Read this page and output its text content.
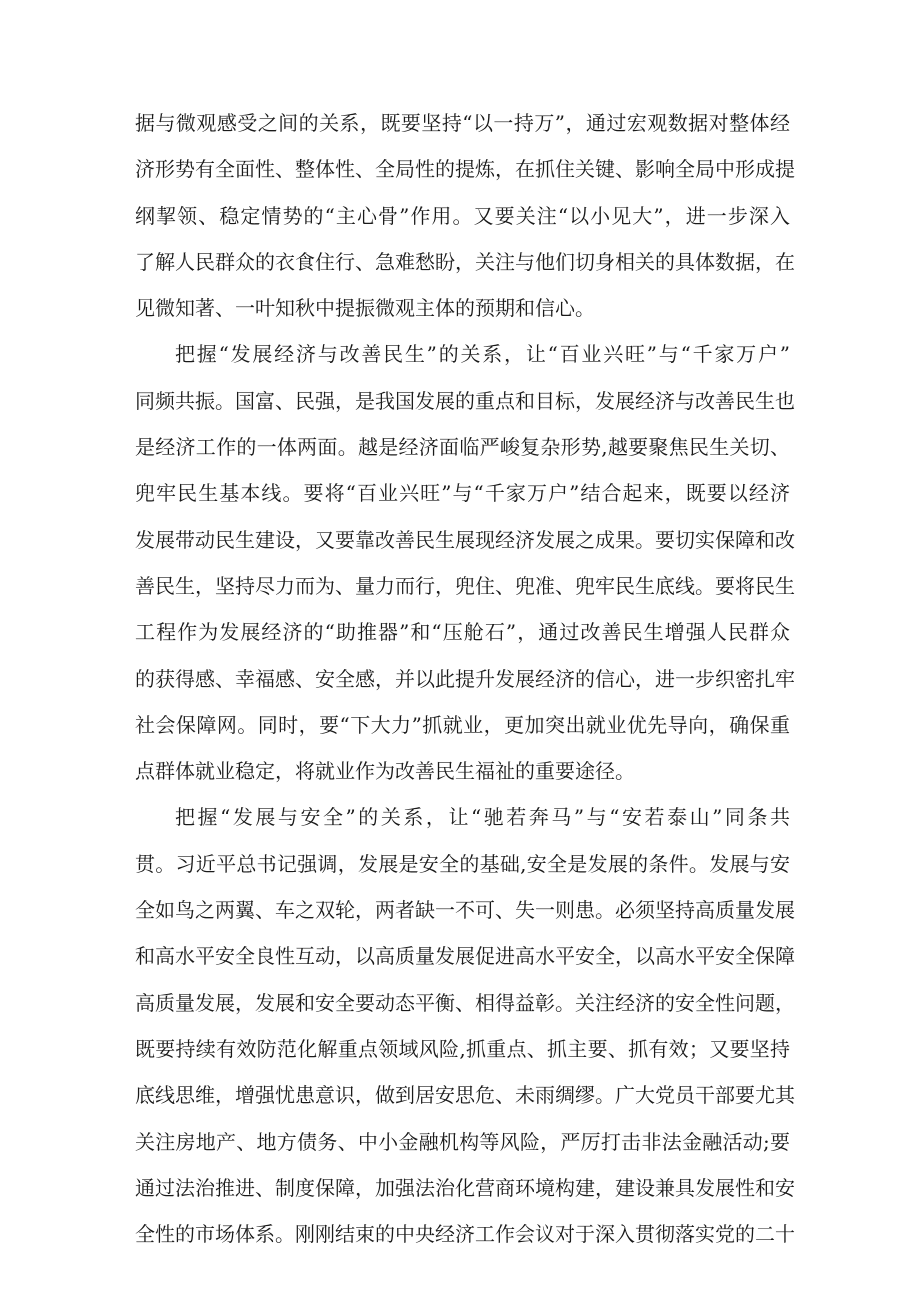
据与微观感受之间的关系，既要坚持“以一持万”，通过宏观数据对整体经
济形势有全面性、整体性、全局性的提炼，在抓住关键、影响全局中形成提
纲挈领、稳定情势的“主心骨”作用。又要关注“以小见大”，进一步深入
了解人民群众的衣食住行、急难愁盼，关注与他们切身相关的具体数据，在
见微知著、一叶知秋中提振微观主体的预期和信心。
把握“发展经济与改善民生”的关系，让“百业兴旺”与“千家万户”
同频共振。国富、民强，是我国发展的重点和目标，发展经济与改善民生也
是经济工作的一体两面。越是经济面临严峻复杂形势,越要聚焦民生关切、
兜牢民生基本线。要将“百业兴旺”与“千家万户”结合起来，既要以经济
发展带动民生建设，又要靠改善民生展现经济发展之成果。要切实保障和改
善民生，坚持尽力而为、量力而行，兜住、兜准、兜牢民生底线。要将民生
工程作为发展经济的“助推器”和“压舱石”，通过改善民生增强人民群众
的获得感、幸福感、安全感，并以此提升发展经济的信心，进一步织密扎牢
社会保障网。同时，要“下大力”抓就业，更加突出就业优先导向，确保重
点群体就业稳定，将就业作为改善民生福祉的重要途径。
把握“发展与安全”的关系，让“驰若奔马”与“安若泰山”同条共
贯。习近平总书记强调，发展是安全的基础,安全是发展的条件。发展与安
全如鸟之两翼、车之双轮，两者缺一不可、失一则患。必须坚持高质量发展
和高水平安全良性互动，以高质量发展促进高水平安全，以高水平安全保障
高质量发展，发展和安全要动态平衡、相得益彰。关注经济的安全性问题，
既要持续有效防范化解重点领域风险,抓重点、抓主要、抓有效；又要坚持
底线思维，增强忧患意识，做到居安思危、未雨绸缪。广大党员干部要尤其
关注房地产、地方债务、中小金融机构等风险，严厉打击非法金融活动;要
通过法治推进、制度保障，加强法治化营商环境构建，建设兼具发展性和安
全性的市场体系。刚刚结束的中央经济工作会议对于深入贯彻落实党的二十
